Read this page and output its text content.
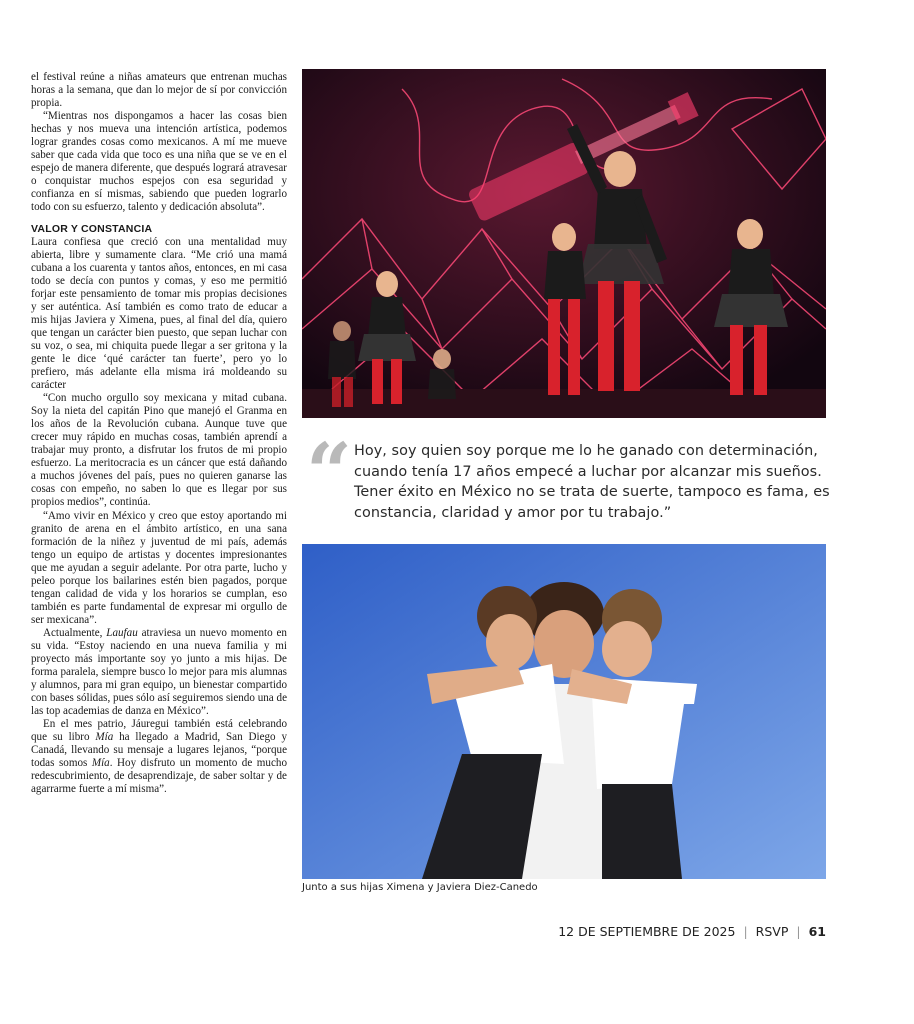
el festival reúne a niñas amateurs que entrenan muchas horas a la semana, que dan lo mejor de sí por convicción propia.

“Mientras nos dispongamos a hacer las cosas bien hechas y nos mueva una intención artística, podemos lograr grandes cosas como mexicanos. A mí me mueve saber que cada vida que toco es una niña que se ve en el espejo de manera diferente, que después logrará atravesar o conquistar muchos espejos con esa seguridad y confianza en sí mismas, sabiendo que pueden lograrlo todo con su esfuerzo, talento y dedicación absoluta”.

VALOR Y CONSTANCIA

Laura confiesa que creció con una mentalidad muy abierta, libre y sumamente clara. “Me crió una mamá cubana a los cuarenta y tantos años, entonces, en mi casa todo se decía con puntos y comas, y eso me permitió forjar este pensamiento de tomar mis propias decisiones y ser auténtica. Así también es como trato de educar a mis hijas Javiera y Ximena, pues, al final del día, quiero que tengan un carácter bien puesto, que sepan luchar con su voz, o sea, mi chiquita puede llegar a ser gritona y la gente le dice ‘qué carácter tan fuerte’, pero yo lo prefiero, más adelante ella misma irá moldeando su carácter

“Con mucho orgullo soy mexicana y mitad cubana. Soy la nieta del capitán Pino que manejó el Granma en los años de la Revolución cubana. Aunque tuve que crecer muy rápido en muchas cosas, también aprendí a trabajar muy pronto, a disfrutar los frutos de mi propio esfuerzo. La meritocracia es un cáncer que está dañando a muchos jóvenes del país, pues no quieren ganarse las cosas con empeño, no saben lo que es llegar por sus propios medios”, continúa.

“Amo vivir en México y creo que estoy aportando mi granito de arena en el ámbito artístico, en una sana formación de la niñez y juventud de mi país, además tengo un equipo de artistas y docentes impresionantes que me ayudan a seguir adelante. Por otra parte, lucho y peleo porque los bailarines estén bien pagados, porque tengan calidad de vida y los horarios se cumplan, eso también es parte fundamental de expresar mi orgullo de ser mexicana”.

Actualmente, Laufau atraviesa un nuevo momento en su vida. “Estoy naciendo en una nueva familia y mi proyecto más importante soy yo junto a mis hijas. De forma paralela, siempre busco lo mejor para mis alumnas y alumnos, para mi gran equipo, un bienestar compartido con bases sólidas, pues sólo así seguiremos siendo una de las top academias de danza en México”.

En el mes patrio, Jáuregui también está celebrando que su libro Mía ha llegado a Madrid, San Diego y Canadá, llevando su mensaje a lugares lejanos, “porque todas somos Mía. Hoy disfruto un momento de mucho redescubrimiento, de desaprendizaje, de saber soltar y de agarrarme fuerte a mí misma”.

“ Hoy, soy quien soy porque me lo he ganado con determinación, cuando tenía 17 años empecé a luchar por alcanzar mis sueños. Tener éxito en México no se trata de suerte, tampoco es fama, es constancia, claridad y amor por tu trabajo.”
Junto a sus hijas Ximena y Javiera Diez-Canedo
12 DE SEPTIEMBRE DE 2025 | RSVP | 61
